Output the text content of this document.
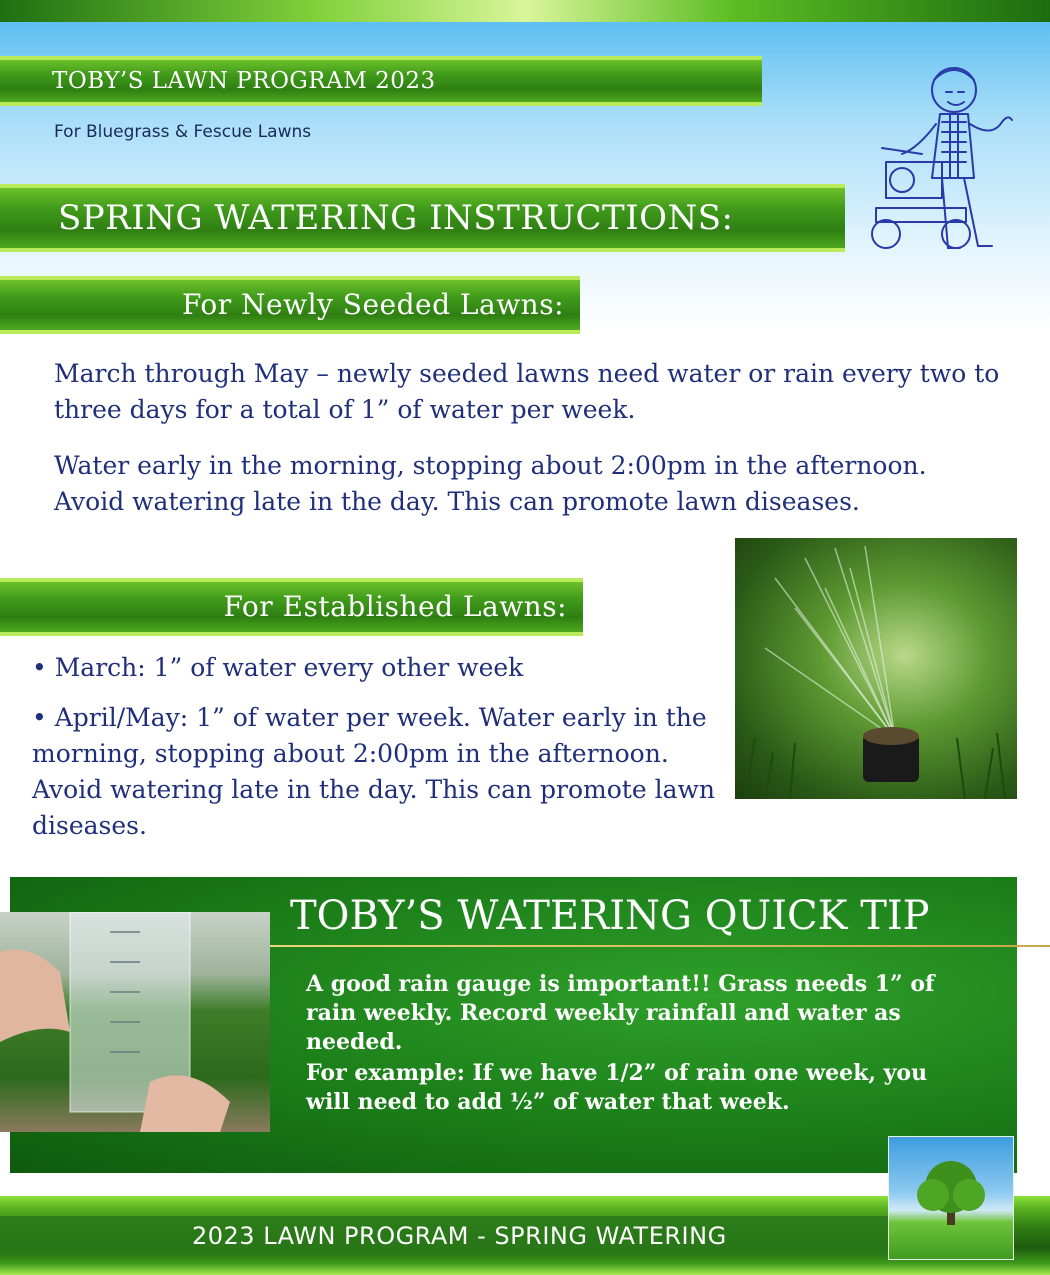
TOBY’S LAWN PROGRAM 2023
For Bluegrass & Fescue Lawns
SPRING WATERING INSTRUCTIONS:
For Newly Seeded Lawns:

March through May – newly seeded lawns need water or rain every two to three days for a total of 1” of water per week.

Water early in the morning, stopping about 2:00pm in the afternoon. Avoid watering late in the day. This can promote lawn diseases.

For Established Lawns:

• March: 1” of water every other week

• April/May: 1” of water per week. Water early in the morning, stopping about 2:00pm in the afternoon. Avoid watering late in the day. This can promote lawn diseases.

TOBY’S WATERING QUICK TIP

A good rain gauge is important!! Grass needs 1” of rain weekly. Record weekly rainfall and water as needed.

For example: If we have 1/2” of rain one week, you will need to add ½” of water that week.

2023 LAWN PROGRAM - SPRING WATERING
